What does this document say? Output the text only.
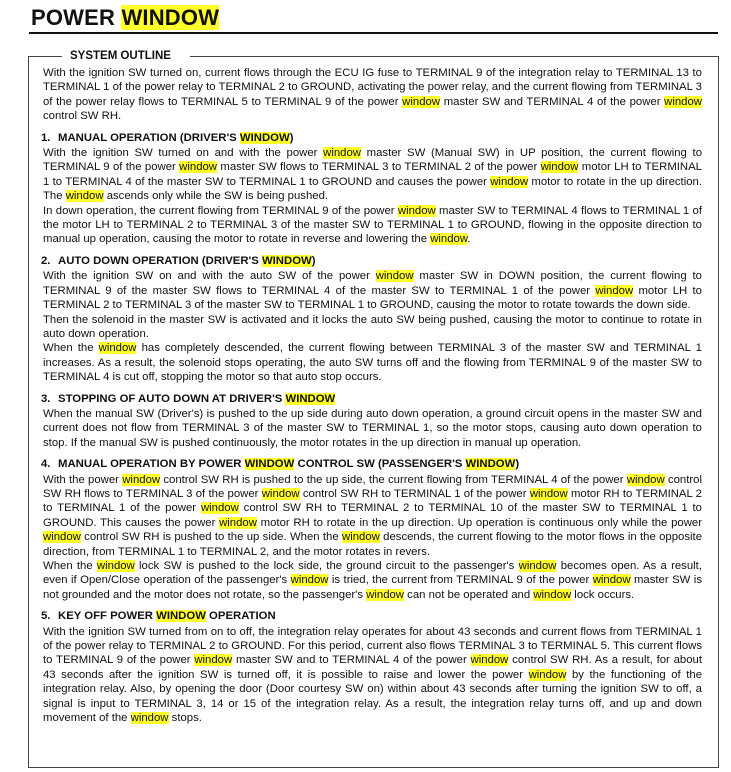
POWER WINDOW
SYSTEM OUTLINE

With the ignition SW turned on, current flows through the ECU IG fuse to TERMINAL 9 of the integration relay to TERMINAL 13 to TERMINAL 1 of the power relay to TERMINAL 2 to GROUND, activating the power relay, and the current flowing from TERMINAL 3 of the power relay flows to TERMINAL 5 to TERMINAL 9 of the power window master SW and TERMINAL 4 of the power window control SW RH.

1. MANUAL OPERATION (DRIVER'S WINDOW)

With the ignition SW turned on and with the power window master SW (Manual SW) in UP position, the current flowing to TERMINAL 9 of the power window master SW flows to TERMINAL 3 to TERMINAL 2 of the power window motor LH to TERMINAL 1 to TERMINAL 4 of the master SW to TERMINAL 1 to GROUND and causes the power window motor to rotate in the up direction. The window ascends only while the SW is being pushed.

In down operation, the current flowing from TERMINAL 9 of the power window master SW to TERMINAL 4 flows to TERMINAL 1 of the motor LH to TERMINAL 2 to TERMINAL 3 of the master SW to TERMINAL 1 to GROUND, flowing in the opposite direction to manual up operation, causing the motor to rotate in reverse and lowering the window.

2. AUTO DOWN OPERATION (DRIVER'S WINDOW)

With the ignition SW on and with the auto SW of the power window master SW in DOWN position, the current flowing to TERMINAL 9 of the master SW flows to TERMINAL 4 of the master SW to TERMINAL 1 of the power window motor LH to TERMINAL 2 to TERMINAL 3 of the master SW to TERMINAL 1 to GROUND, causing the motor to rotate towards the down side.

Then the solenoid in the master SW is activated and it locks the auto SW being pushed, causing the motor to continue to rotate in auto down operation.

When the window has completely descended, the current flowing between TERMINAL 3 of the master SW and TERMINAL 1 increases. As a result, the solenoid stops operating, the auto SW turns off and the flowing from TERMINAL 9 of the master SW to TERMINAL 4 is cut off, stopping the motor so that auto stop occurs.

3. STOPPING OF AUTO DOWN AT DRIVER'S WINDOW

When the manual SW (Driver's) is pushed to the up side during auto down operation, a ground circuit opens in the master SW and current does not flow from TERMINAL 3 of the master SW to TERMINAL 1, so the motor stops, causing auto down operation to stop. If the manual SW is pushed continuously, the motor rotates in the up direction in manual up operation.

4. MANUAL OPERATION BY POWER WINDOW CONTROL SW (PASSENGER'S WINDOW)

With the power window control SW RH is pushed to the up side, the current flowing from TERMINAL 4 of the power window control SW RH flows to TERMINAL 3 of the power window control SW RH to TERMINAL 1 of the power window motor RH to TERMINAL 2 to TERMINAL 1 of the power window control SW RH to TERMINAL 2 to TERMINAL 10 of the master SW to TERMINAL 1 to GROUND. This causes the power window motor RH to rotate in the up direction. Up operation is continuous only while the power window control SW RH is pushed to the up side. When the window descends, the current flowing to the motor flows in the opposite direction, from TERMINAL 1 to TERMINAL 2, and the motor rotates in revers.

When the window lock SW is pushed to the lock side, the ground circuit to the passenger's window becomes open. As a result, even if Open/Close operation of the passenger's window is tried, the current from TERMINAL 9 of the power window master SW is not grounded and the motor does not rotate, so the passenger's window can not be operated and window lock occurs.

5. KEY OFF POWER WINDOW OPERATION

With the ignition SW turned from on to off, the integration relay operates for about 43 seconds and current flows from TERMINAL 1 of the power relay to TERMINAL 2 to GROUND. For this period, current also flows TERMINAL 3 to TERMINAL 5. This current flows to TERMINAL 9 of the power window master SW and to TERMINAL 4 of the power window control SW RH. As a result, for about 43 seconds after the ignition SW is turned off, it is possible to raise and lower the power window by the functioning of the integration relay. Also, by opening the door (Door courtesy SW on) within about 43 seconds after turning the ignition SW to off, a signal is input to TERMINAL 3, 14 or 15 of the integration relay. As a result, the integration relay turns off, and up and down movement of the window stops.
